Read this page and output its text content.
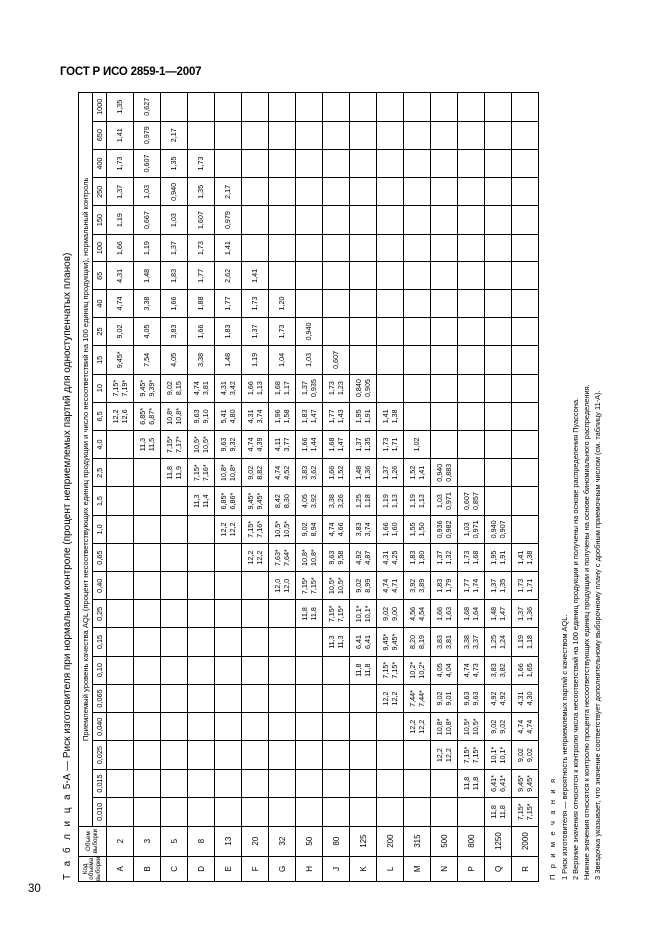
ГОСТ Р ИСО 2859-1—2007
Т а б л и ц а 5-А — Риск изготовителя при нормальном контроле (процент неприемлемых партий для одноступенчатых планов)
Код объема выборки	Объем выборки	Приемлемый уровень качества AQL (процент несоответствующих единиц продукции и число несоответствий на 100 единиц продукции), нормальный контроль																									
		0,010	0,015	0,025	0,040	0,065	0,10	0,15	0,25	0,40	0,65	1,0	1,5	2,5	4,0	6,5	10	15	25	40	65	100	150	250	400	650	1000
A	2															12,2 12,6	7,15* 7,19*	9,45*	9,02	4,74	4,31	1,66	1,19	1,37	1,73	1,41	1,35

B	3														11,3 11,5	6,85* 6,87*	9,45* 9,39*	7,54	4,05	3,38	1,48	1,19	0,667	1,03	0,607	0,979	0,627

C	5													11,8 11,9	7,15* 7,17*	10,8* 10,8*	9,02 8,15	4,05	3,83	1,66	1,83	1,37	1,03	0,940	1,35	2,17	

D	8												11,3 11,4	7,15* 7,16*	10,5* 10,5*	9,63 9,10	4,74 3,81	3,38	1,66	1,88	1,77	1,73	1,607	1,35	1,73		

E	13											12,2 12,2	6,85* 6,86*	10,8* 10,8*	9,63 9,32	5,41 4,80	4,31 3,42	1,48	1,83	1,77	2,62	1,41	0,979	2,17			

F	20										12,2 12,2	7,15* 7,16*	9,45* 9,45*	9,02 8,82	4,74 4,39	4,31 3,74	1,66 1,13	1,19	1,37	1,73	1,41						

G	32									12,0 12,0	7,63* 7,64*	10,5* 10,5*	8,42 8,30	4,74 4,52	4,11 3,77	1,96 1,58	1,68 1,17	1,04	1,73	1,20							

H	50								11,8 11,8	7,15* 7,15*	10,8* 10,8*	9,02 8,94	4,05 3,92	3,83 3,62	1,66 1,44	1,83 1,47	1,37 0,935	1,03	0,940								

J	80							11,3 11,3	7,15* 7,15*	10,5* 10,5*	9,63 9,58	4,74 4,66	3,38 3,26	1,66 1,52	1,68 1,47	1,77 1,43	1,73 1,23	0,607									

K	125						11,8 11,8	6,41 6,41	10,1* 10,1*	9,02 8,99	4,92 4,87	3,83 3,74	1,25 1,18	1,48 1,36	1,37 1,35	1,95 1,91	0,840 0,905										

L	200					12,2 12,2	7,15* 7,15*	9,45* 9,45*	9,02 9,00	4,74 4,71	4,31 4,25	1,66 1,60	1,19 1,13	1,37 1,26	1,73 1,71	1,41 1,38											

M	315				12,2 12,2	7,44* 7,44*	10,2* 10,2*	8,20 8,19	4,56 4,54	3,92 3,89	1,83 1,80	1,55 1,50	1,19 1,13	1,52 1,41	1,02												

N	500			12,2 12,2	10,8* 10,8*	9,02 9,01	4,05 4,04	3,83 3,81	1,66 1,63	1,83 1,79	1,37 1,32	0,936 0,982	1,03 0,971	0,940 0,883													

P	800		11,8 11,8	7,15* 7,15*	10,5* 10,5*	9,63 9,63	4,74 4,73	3,38 3,37	1,68 1,64	1,77 1,74	1,73 1,68	1,03 0,971	0,607 0,857														

Q	1250	11,8 11,8	6,41* 6,41*	10,1* 10,1*	9,02 9,02	4,92 4,92	3,83 3,82	1,25 1,24	1,48 1,47	1,37 1,35	1,95 1,91	0,940 0,907															

R	2000	7,15* 7,15*	9,45* 9,45*	9,02 9,02	4,74 4,74	4,31 4,30	1,66 1,65	1,19 1,18	1,37 1,36	1,73 1,71	1,41 1,38																

П р и м е ч а н и я 1 Риск изготовителя — вероятность неприемлемых партий с качеством AQL. 2 Верхние значения относятся к контролю числа несоответствий на 100 единиц продукции и получены на основе распределения Пуассона. Нижние значения относятся к контролю процента несоответствующих единиц продукции и получены на основе биномиального распределения. 3 Звездочка указывает, что значение соответствует дополнительному выборочному плану с дробным приемочным числом (см. таблицу 11-А).
30
